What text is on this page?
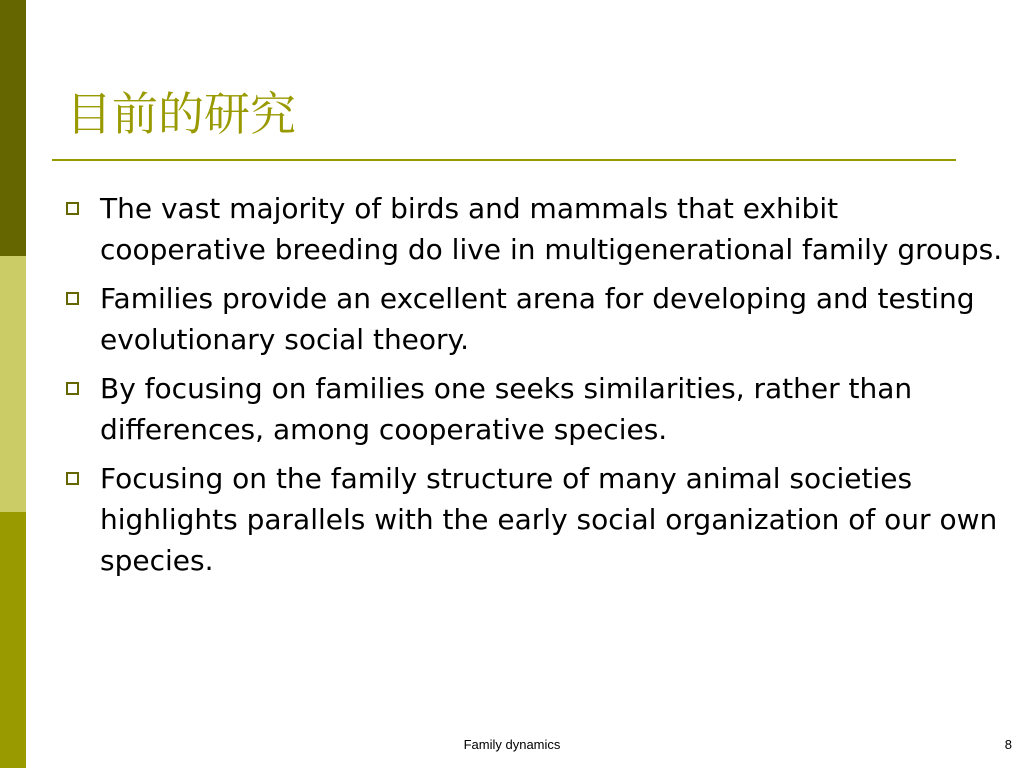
目前的研究
The vast majority of birds and mammals that exhibit cooperative breeding do live in multigenerational family groups.
Families provide an excellent arena for developing and testing evolutionary social theory.
By focusing on families one seeks similarities, rather than differences, among cooperative species.
Focusing on the family structure of many animal societies highlights parallels with the early social organization of our own species.
Family dynamics	8
